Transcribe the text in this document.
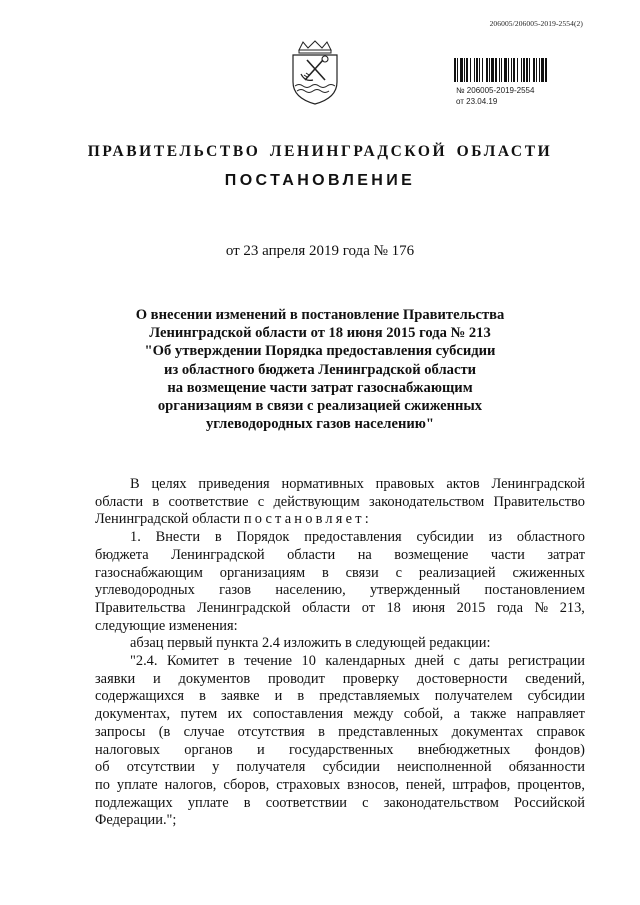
206005/206005-2019-2554(2)
№ 206005-2019-2554
от 23.04.19
ПРАВИТЕЛЬСТВО ЛЕНИНГРАДСКОЙ ОБЛАСТИ
ПОСТАНОВЛЕНИЕ
от 23 апреля 2019 года № 176
О внесении изменений в постановление Правительства
Ленинградской области от 18 июня 2015 года № 213
"Об утверждении Порядка предоставления субсидии
из областного бюджета Ленинградской области
на возмещение части затрат газоснабжающим
организациям в связи с реализацией сжиженных
углеводородных газов населению"
В целях приведения нормативных правовых актов Ленинградской
области в соответствие с действующим законодательством Правительство
Ленинградской области постановляет:
1. Внести в Порядок предоставления субсидии из областного
бюджета Ленинградской области на возмещение части затрат
газоснабжающим организациям в связи с реализацией сжиженных
углеводородных газов населению, утвержденный постановлением
Правительства Ленинградской области от 18 июня 2015 года № 213,
следующие изменения:
абзац первый пункта 2.4 изложить в следующей редакции:
"2.4. Комитет в течение 10 календарных дней с даты регистрации
заявки и документов проводит проверку достоверности сведений,
содержащихся в заявке и в представляемых получателем субсидии
документах, путем их сопоставления между собой, а также направляет
запросы (в случае отсутствия в представленных документах справок
налоговых органов и государственных внебюджетных фондов)
об отсутствии у получателя субсидии неисполненной обязанности
по уплате налогов, сборов, страховых взносов, пеней, штрафов, процентов,
подлежащих уплате в соответствии с законодательством Российской
Федерации.";
